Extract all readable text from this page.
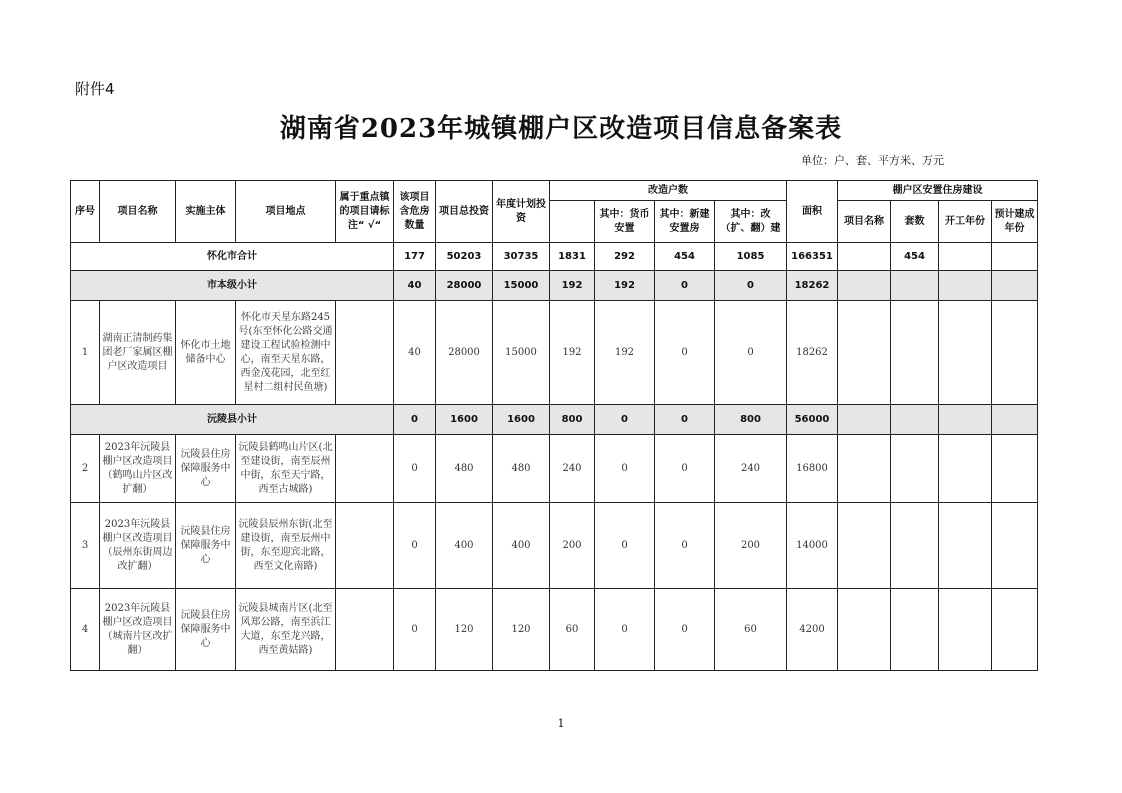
附件4
湖南省2023年城镇棚户区改造项目信息备案表
单位：户、套、平方米、万元
序号	项目名称	实施主体	项目地点	属于重点镇的项目请标注“ √“	该项目含危房数量	项目总投资	年度计划投资	改造户数				面积	棚户区安置住房建设			
									其中：货币安置	其中：新建安置房	其中：改（扩、翻）建		项目名称	套数	开工年份	预计建成年份
怀化市合计					177	50203	30735	1831	292	454	1085	166351		454		
市本级小计					40	28000	15000	192	192	0	0	18262				
1	湖南正清制药集团老厂家属区棚户区改造项目	怀化市土地储备中心	怀化市天星东路245号(东至怀化公路交通建设工程试验检测中心，南至天星东路，西金茂花园，北至红星村二组村民鱼塘)		40	28000	15000	192	192	0	0	18262				
沅陵县小计					0	1600	1600	800	0	0	800	56000				
2	2023年沅陵县棚户区改造项目（鹤鸣山片区改扩翻）	沅陵县住房保障服务中心	沅陵县鹤鸣山片区(北至建设街，南至辰州中街，东至天宁路，西至古城路)		0	480	480	240	0	0	240	16800				
3	2023年沅陵县棚户区改造项目（辰州东街周边改扩翻）	沅陵县住房保障服务中心	沅陵县辰州东街(北至建设街，南至辰州中街，东至迎宾北路，西至文化南路)		0	400	400	200	0	0	200	14000				
4	2023年沅陵县棚户区改造项目（城南片区改扩翻）	沅陵县住房保障服务中心	沅陵县城南片区(北至风郑公路，南至浜江大道，东至龙兴路，西至黄姑路)		0	120	120	60	0	0	60	4200				
1
